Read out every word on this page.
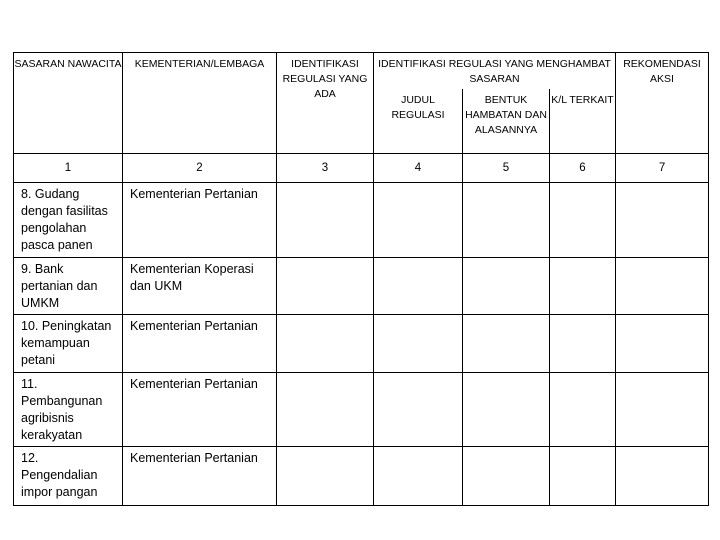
SASARAN NAWACITA	KEMENTERIAN/LEMBAGA	IDENTIFIKASI REGULASI YANG ADA	IDENTIFIKASI REGULASI YANG MENGHAMBAT SASARAN			REKOMENDASI AKSI
			JUDUL REGULASI	BENTUK HAMBATAN DAN ALASANNYA	K/L TERKAIT	
1	2	3	4	5	6	7
8. Gudang dengan fasilitas pengolahan pasca panen	Kementerian Pertanian					
9. Bank pertanian dan UMKM	Kementerian Koperasi dan UKM					
10. Peningkatan kemampuan petani	Kementerian Pertanian					
11. Pembangunan agribisnis kerakyatan	Kementerian Pertanian					
12. Pengendalian impor pangan	Kementerian Pertanian					
